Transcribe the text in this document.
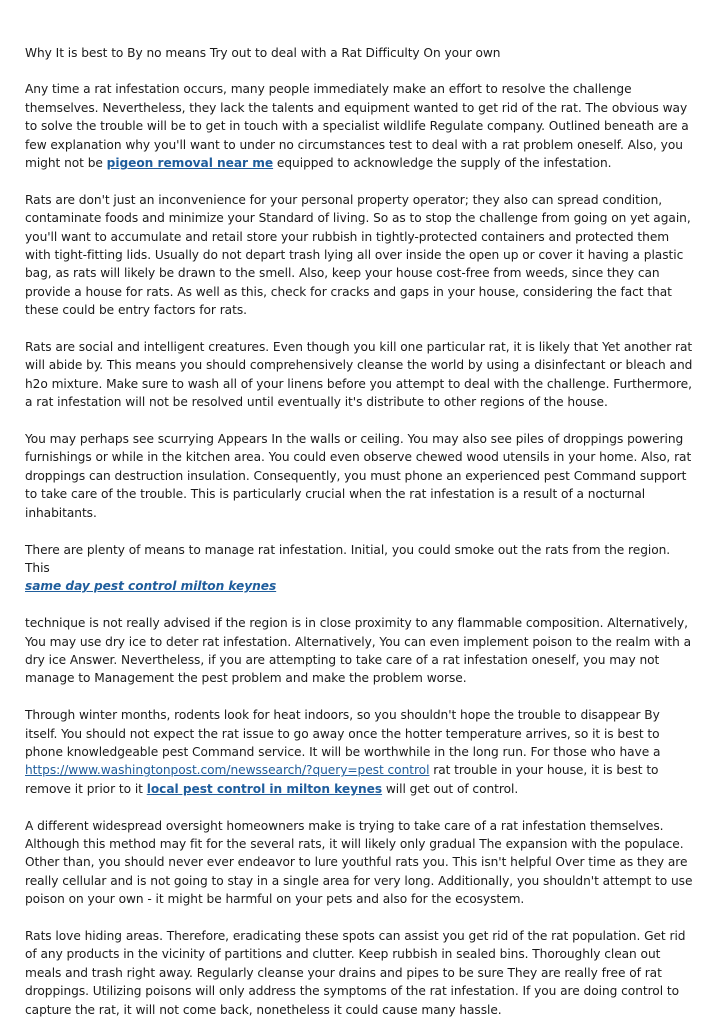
Why It is best to By no means Try out to deal with a Rat Difficulty On your own

Any time a rat infestation occurs, many people immediately make an effort to resolve the challenge themselves. Nevertheless, they lack the talents and equipment wanted to get rid of the rat. The obvious way to solve the trouble will be to get in touch with a specialist wildlife Regulate company. Outlined beneath are a few explanation why you'll want to under no circumstances test to deal with a rat problem oneself. Also, you might not be pigeon removal near me equipped to acknowledge the supply of the infestation.

Rats are don't just an inconvenience for your personal property operator; they also can spread condition, contaminate foods and minimize your Standard of living. So as to stop the challenge from going on yet again, you'll want to accumulate and retail store your rubbish in tightly-protected containers and protected them with tight-fitting lids. Usually do not depart trash lying all over inside the open up or cover it having a plastic bag, as rats will likely be drawn to the smell. Also, keep your house cost-free from weeds, since they can provide a house for rats. As well as this, check for cracks and gaps in your house, considering the fact that these could be entry factors for rats.

Rats are social and intelligent creatures. Even though you kill one particular rat, it is likely that Yet another rat will abide by. This means you should comprehensively cleanse the world by using a disinfectant or bleach and h2o mixture. Make sure to wash all of your linens before you attempt to deal with the challenge. Furthermore, a rat infestation will not be resolved until eventually it's distribute to other regions of the house.

You may perhaps see scurrying Appears In the walls or ceiling. You may also see piles of droppings powering furnishings or while in the kitchen area. You could even observe chewed wood utensils in your home. Also, rat droppings can destruction insulation. Consequently, you must phone an experienced pest Command support to take care of the trouble. This is particularly crucial when the rat infestation is a result of a nocturnal inhabitants.

There are plenty of means to manage rat infestation. Initial, you could smoke out the rats from the region. This
same day pest control milton keynes

technique is not really advised if the region is in close proximity to any flammable composition. Alternatively, You may use dry ice to deter rat infestation. Alternatively, You can even implement poison to the realm with a dry ice Answer. Nevertheless, if you are attempting to take care of a rat infestation oneself, you may not manage to Management the pest problem and make the problem worse.

Through winter months, rodents look for heat indoors, so you shouldn't hope the trouble to disappear By itself. You should not expect the rat issue to go away once the hotter temperature arrives, so it is best to phone knowledgeable pest Command service. It will be worthwhile in the long run. For those who have a https://www.washingtonpost.com/newssearch/?query=pest control rat trouble in your house, it is best to remove it prior to it local pest control in milton keynes will get out of control.

A different widespread oversight homeowners make is trying to take care of a rat infestation themselves. Although this method may fit for the several rats, it will likely only gradual The expansion with the populace. Other than, you should never ever endeavor to lure youthful rats you. This isn't helpful Over time as they are really cellular and is not going to stay in a single area for very long. Additionally, you shouldn't attempt to use poison on your own - it might be harmful on your pets and also for the ecosystem.

Rats love hiding areas. Therefore, eradicating these spots can assist you get rid of the rat population. Get rid of any products in the vicinity of partitions and clutter. Keep rubbish in sealed bins. Thoroughly clean out meals and trash right away. Regularly cleanse your drains and pipes to be sure They are really free of rat droppings. Utilizing poisons will only address the symptoms of the rat infestation. If you are doing control to capture the rat, it will not come back, nonetheless it could cause many hassle.
